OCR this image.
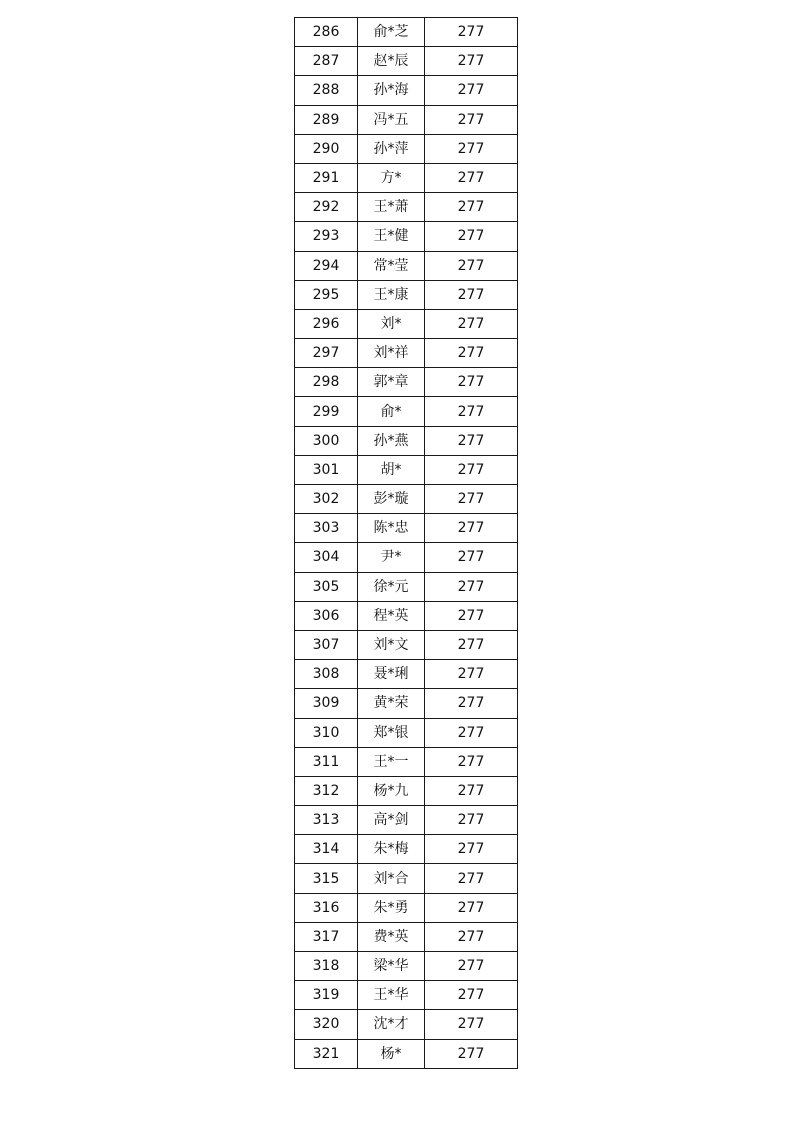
286	俞*芝	277
287	赵*辰	277
288	孙*海	277
289	冯*五	277
290	孙*萍	277
291	方*	277
292	王*萧	277
293	王*健	277
294	常*莹	277
295	王*康	277
296	刘*	277
297	刘*祥	277
298	郭*章	277
299	俞*	277
300	孙*燕	277
301	胡*	277
302	彭*璇	277
303	陈*忠	277
304	尹*	277
305	徐*元	277
306	程*英	277
307	刘*文	277
308	聂*琍	277
309	黄*荣	277
310	郑*银	277
311	王*一	277
312	杨*九	277
313	高*剑	277
314	朱*梅	277
315	刘*合	277
316	朱*勇	277
317	费*英	277
318	梁*华	277
319	王*华	277
320	沈*才	277
321	杨*	277
